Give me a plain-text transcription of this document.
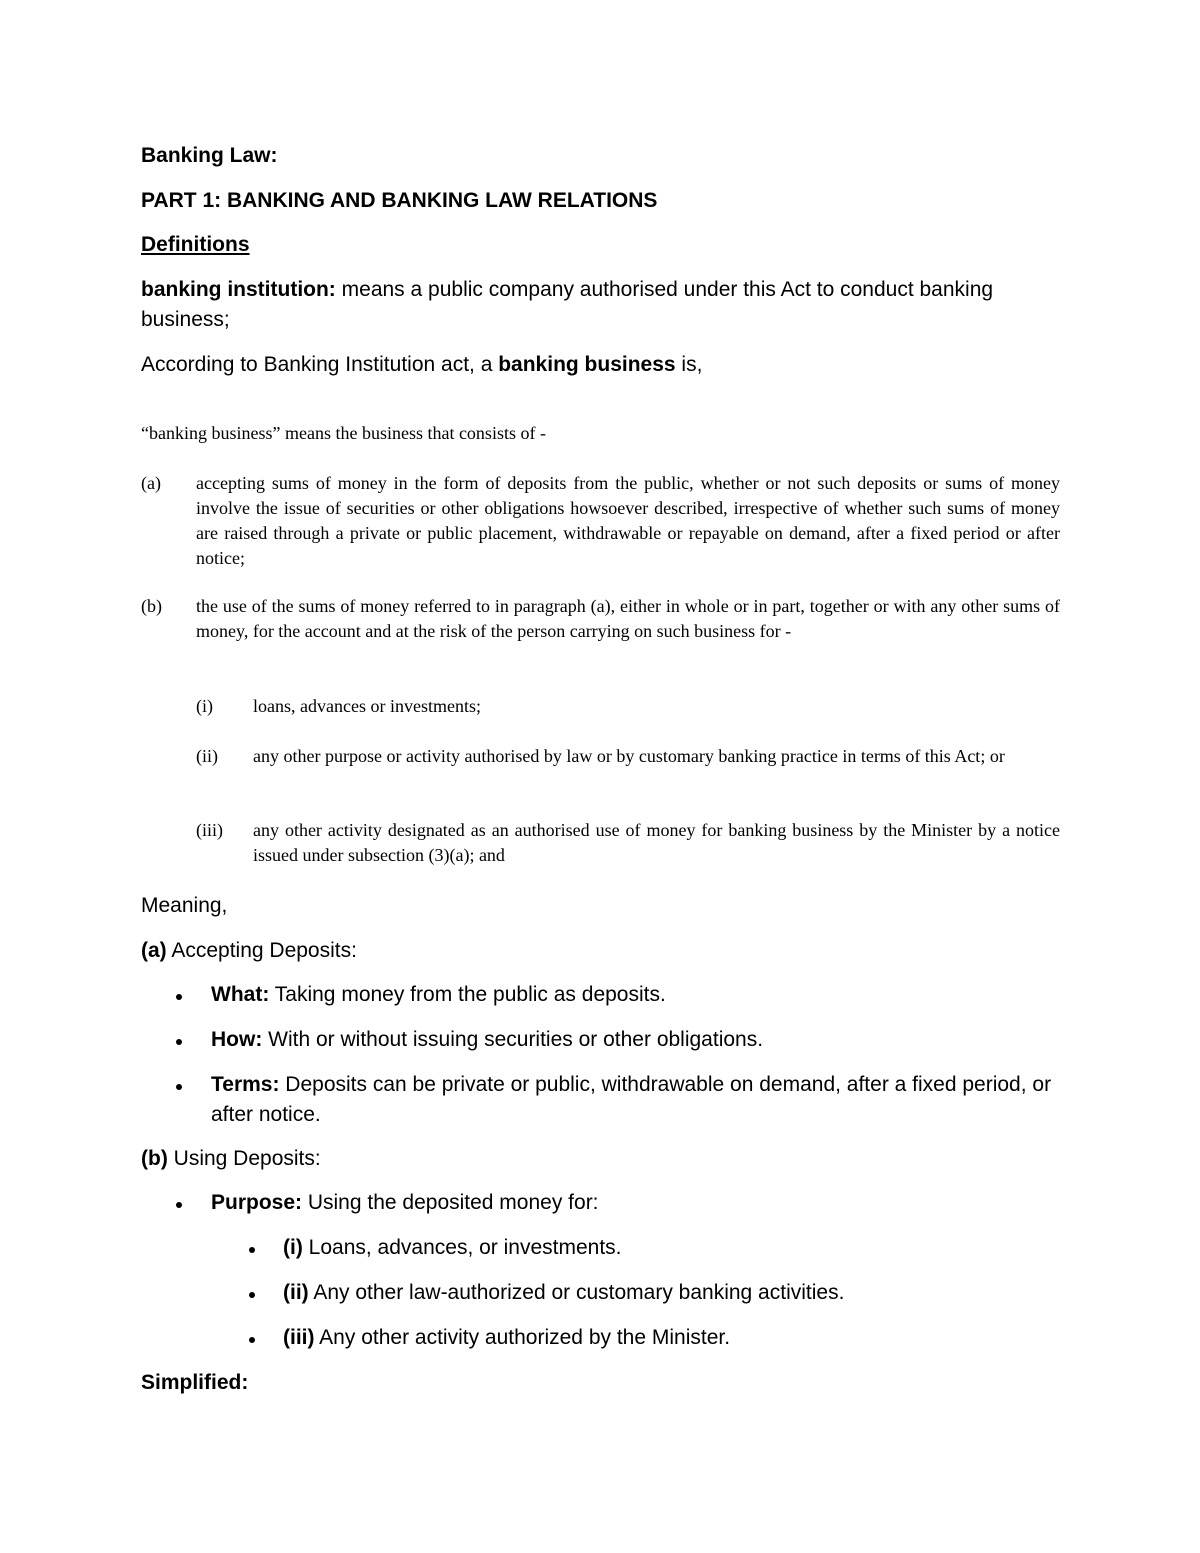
Banking Law:
PART 1: BANKING AND BANKING LAW RELATIONS
Definitions
banking institution: means a public company authorised under this Act to conduct banking business;
According to Banking Institution act, a banking business is,
“banking business” means the business that consists of -
(a) accepting sums of money in the form of deposits from the public, whether or not such deposits or sums of money involve the issue of securities or other obligations howsoever described, irrespective of whether such sums of money are raised through a private or public placement, withdrawable or repayable on demand, after a fixed period or after notice;
(b) the use of the sums of money referred to in paragraph (a), either in whole or in part, together or with any other sums of money, for the account and at the risk of the person carrying on such business for -
(i) loans, advances or investments;
(ii) any other purpose or activity authorised by law or by customary banking practice in terms of this Act; or
(iii) any other activity designated as an authorised use of money for banking business by the Minister by a notice issued under subsection (3)(a); and
Meaning,
(a) Accepting Deposits:
What: Taking money from the public as deposits.
How: With or without issuing securities or other obligations.
Terms: Deposits can be private or public, withdrawable on demand, after a fixed period, or after notice.
(b) Using Deposits:
Purpose: Using the deposited money for:
(i) Loans, advances, or investments.
(ii) Any other law-authorized or customary banking activities.
(iii) Any other activity authorized by the Minister.
Simplified:
